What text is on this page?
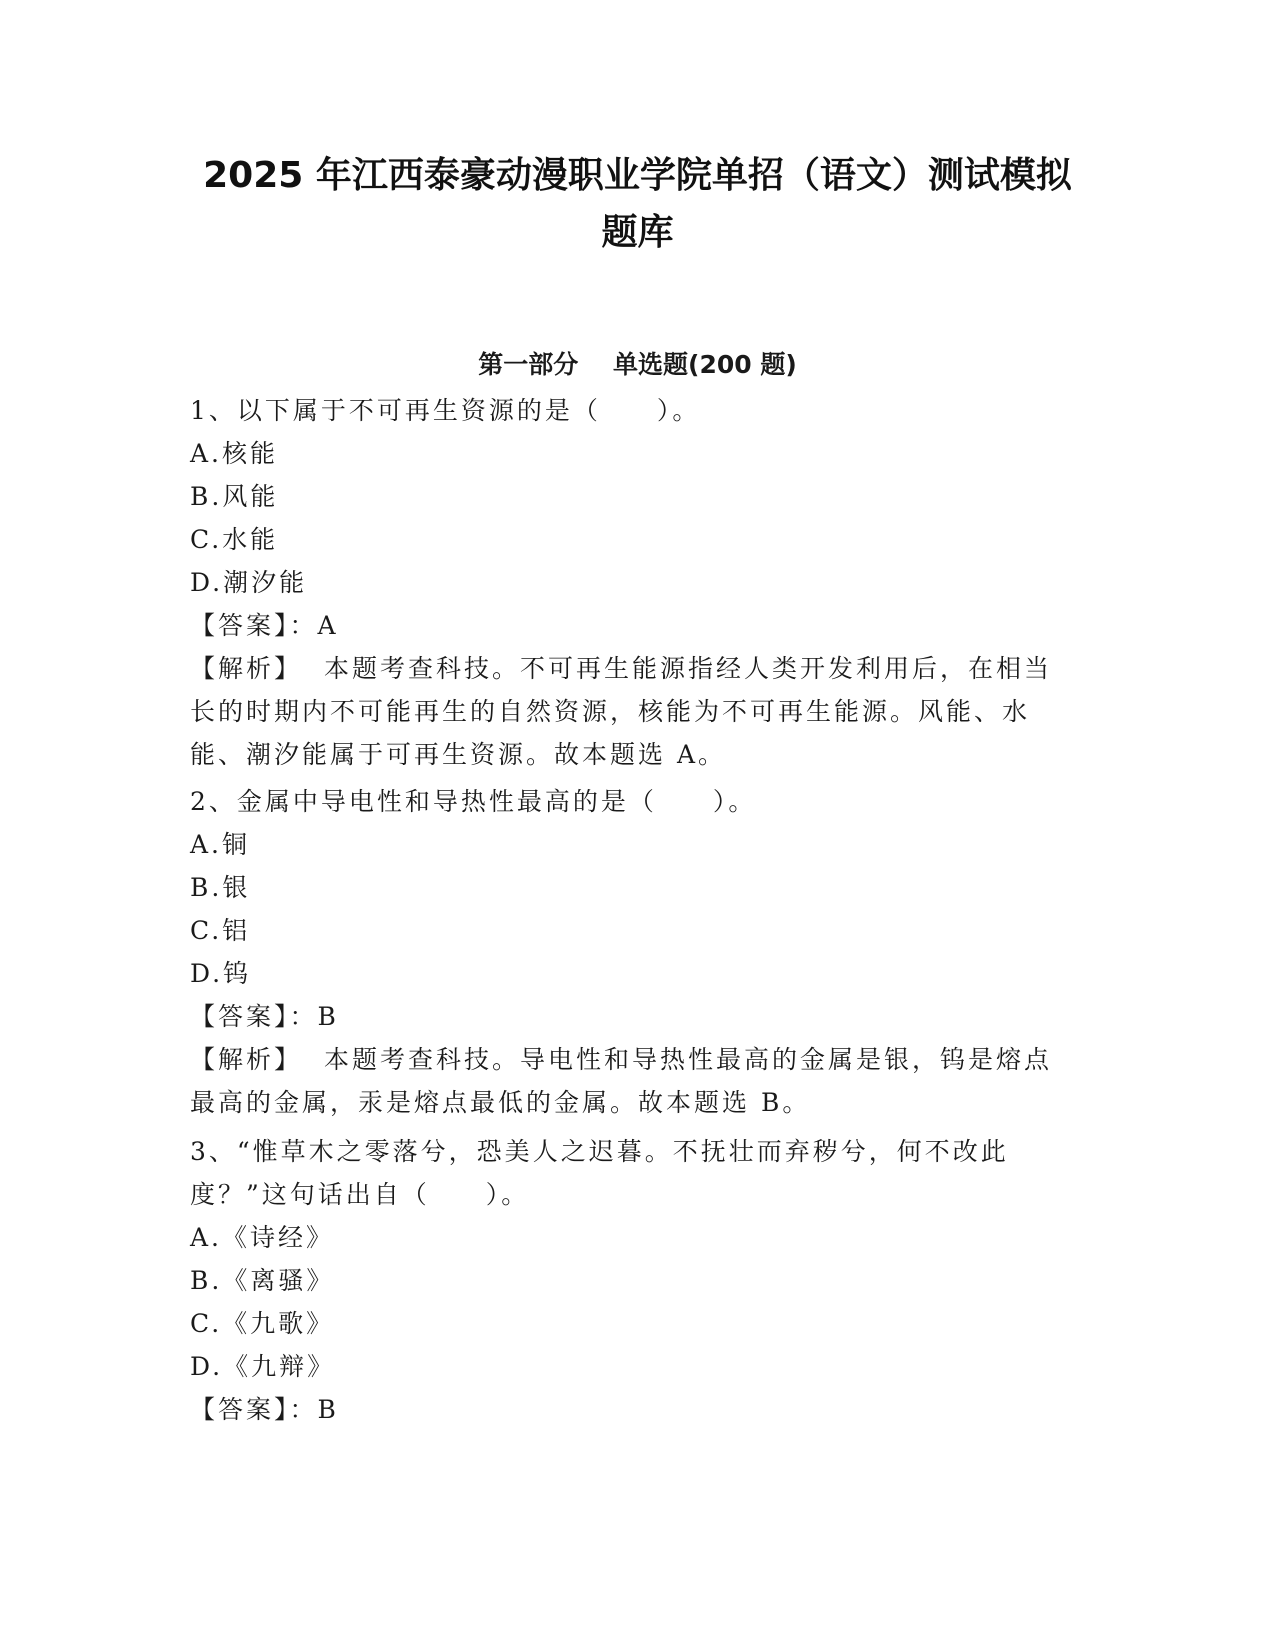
2025 年江西泰豪动漫职业学院单招（语文）测试模拟
题库
第一部分    单选题(200 题)
1、以下属于不可再生资源的是（　　）。
A.核能
B.风能
C.水能
D.潮汐能
【答案】：A
【解析】 本题考查科技。不可再生能源指经人类开发利用后，在相当长的时期内不可能再生的自然资源，核能为不可再生能源。风能、水能、潮汐能属于可再生资源。故本题选 A。
2、金属中导电性和导热性最高的是（　　）。
A.铜
B.银
C.铝
D.钨
【答案】：B
【解析】 本题考查科技。导电性和导热性最高的金属是银，钨是熔点最高的金属，汞是熔点最低的金属。故本题选 B。
3、“惟草木之零落兮，恐美人之迟暮。不抚壮而弃秽兮，何不改此度？”这句话出自（　　）。
A.《诗经》
B.《离骚》
C.《九歌》
D.《九辩》
【答案】：B
